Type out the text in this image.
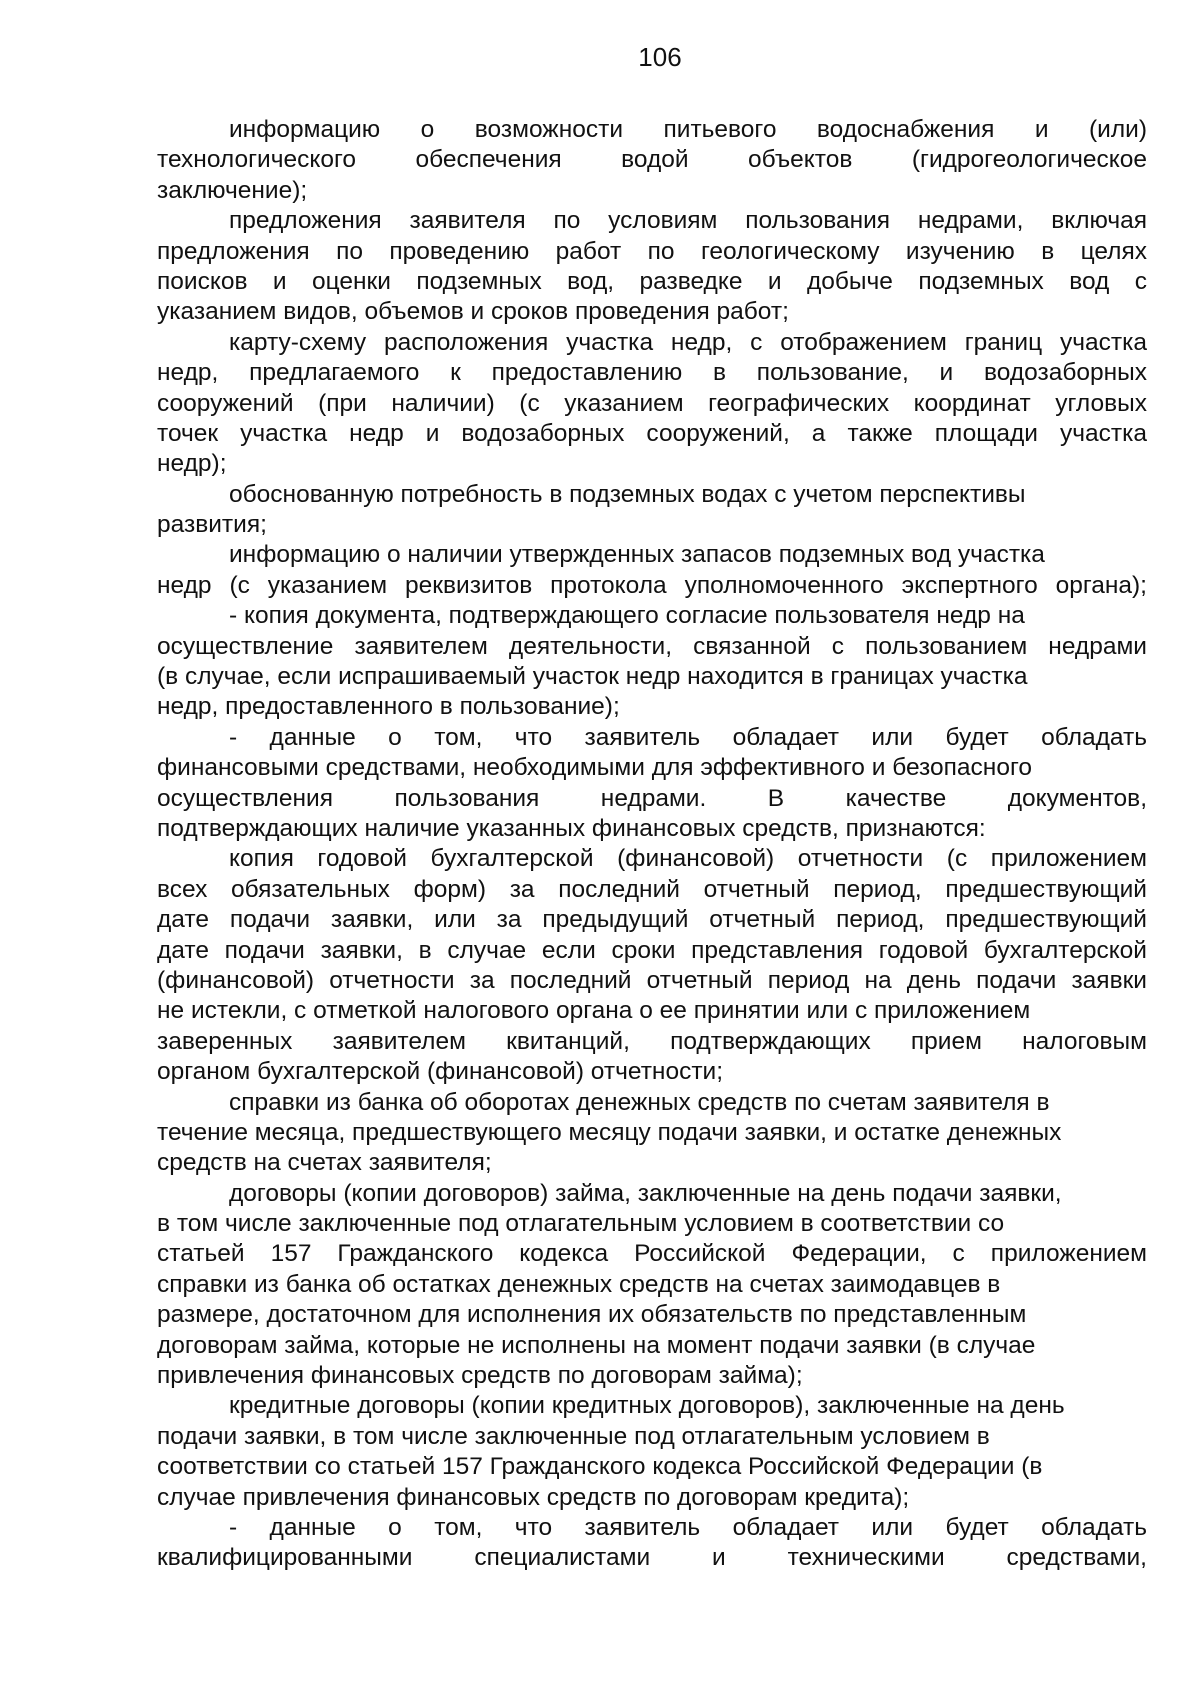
106
информацию о возможности питьевого водоснабжения и (или)
технологического обеспечения водой объектов (гидрогеологическое
заключение);
предложения заявителя по условиям пользования недрами, включая
предложения по проведению работ по геологическому изучению в целях
поисков и оценки подземных вод, разведке и добыче подземных вод с
указанием видов, объемов и сроков проведения работ;
карту-схему расположения участка недр, с отображением границ участка
недр, предлагаемого к предоставлению в пользование, и водозаборных
сооружений (при наличии) (с указанием географических координат угловых
точек участка недр и водозаборных сооружений, а также площади участка
недр);
обоснованную потребность в подземных водах с учетом перспективы
развития;
информацию о наличии утвержденных запасов подземных вод участка
недр (с указанием реквизитов протокола уполномоченного экспертного органа);
- копия документа, подтверждающего согласие пользователя недр на
осуществление заявителем деятельности, связанной с пользованием недрами
(в случае, если испрашиваемый участок недр находится в границах участка
недр, предоставленного в пользование);
- данные о том, что заявитель обладает или будет обладать
финансовыми средствами, необходимыми для эффективного и безопасного
осуществления пользования недрами. В качестве документов,
подтверждающих наличие указанных финансовых средств, признаются:
копия годовой бухгалтерской (финансовой) отчетности (с приложением
всех обязательных форм) за последний отчетный период, предшествующий
дате подачи заявки, или за предыдущий отчетный период, предшествующий
дате подачи заявки, в случае если сроки представления годовой бухгалтерской
(финансовой) отчетности за последний отчетный период на день подачи заявки
не истекли, с отметкой налогового органа о ее принятии или с приложением
заверенных заявителем квитанций, подтверждающих прием налоговым
органом бухгалтерской (финансовой) отчетности;
справки из банка об оборотах денежных средств по счетам заявителя в
течение месяца, предшествующего месяцу подачи заявки, и остатке денежных
средств на счетах заявителя;
договоры (копии договоров) займа, заключенные на день подачи заявки,
в том числе заключенные под отлагательным условием в соответствии со
статьей 157 Гражданского кодекса Российской Федерации, с приложением
справки из банка об остатках денежных средств на счетах заимодавцев в
размере, достаточном для исполнения их обязательств по представленным
договорам займа, которые не исполнены на момент подачи заявки (в случае
привлечения финансовых средств по договорам займа);
кредитные договоры (копии кредитных договоров), заключенные на день
подачи заявки, в том числе заключенные под отлагательным условием в
соответствии со статьей 157 Гражданского кодекса Российской Федерации (в
случае привлечения финансовых средств по договорам кредита);
- данные о том, что заявитель обладает или будет обладать
квалифицированными специалистами и техническими средствами,
